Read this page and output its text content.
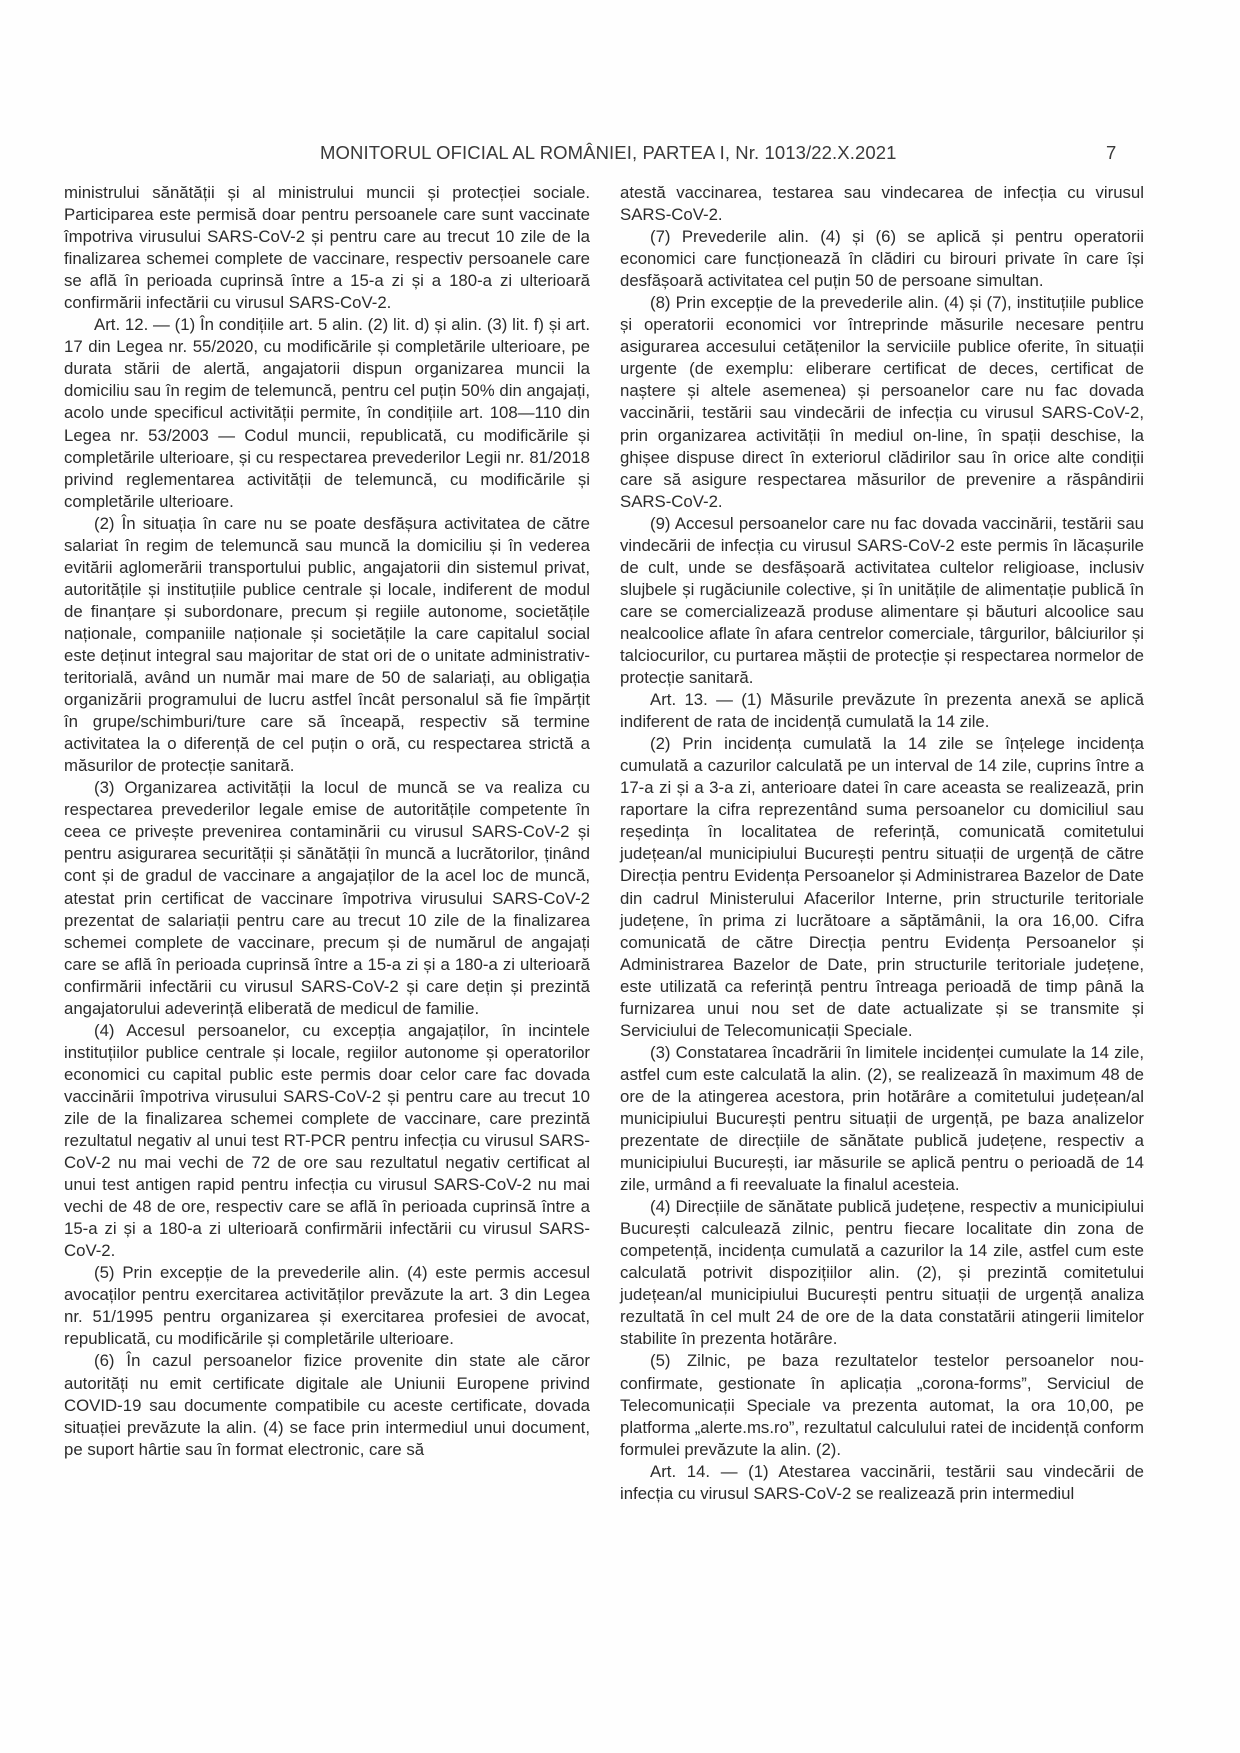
MONITORUL OFICIAL AL ROMÂNIEI, PARTEA I, Nr. 1013/22.X.2021	7

ministrului sănătății și al ministrului muncii și protecției sociale. Participarea este permisă doar pentru persoanele care sunt vaccinate împotriva virusului SARS-CoV-2 și pentru care au trecut 10 zile de la finalizarea schemei complete de vaccinare, respectiv persoanele care se află în perioada cuprinsă între a 15-a zi și a 180-a zi ulterioară confirmării infectării cu virusul SARS-CoV-2.

Art. 12. — (1) În condițiile art. 5 alin. (2) lit. d) și alin. (3) lit. f) și art. 17 din Legea nr. 55/2020, cu modificările și completările ulterioare, pe durata stării de alertă, angajatorii dispun organizarea muncii la domiciliu sau în regim de telemuncă, pentru cel puțin 50% din angajați, acolo unde specificul activității permite, în condițiile art. 108—110 din Legea nr. 53/2003 — Codul muncii, republicată, cu modificările și completările ulterioare, și cu respectarea prevederilor Legii nr. 81/2018 privind reglementarea activității de telemuncă, cu modificările și completările ulterioare.

(2) În situația în care nu se poate desfășura activitatea de către salariat în regim de telemuncă sau muncă la domiciliu și în vederea evitării aglomerării transportului public, angajatorii din sistemul privat, autoritățile și instituțiile publice centrale și locale, indiferent de modul de finanțare și subordonare, precum și regiile autonome, societățile naționale, companiile naționale și societățile la care capitalul social este deținut integral sau majoritar de stat ori de o unitate administrativ-teritorială, având un număr mai mare de 50 de salariați, au obligația organizării programului de lucru astfel încât personalul să fie împărțit în grupe/schimburi/ture care să înceapă, respectiv să termine activitatea la o diferență de cel puțin o oră, cu respectarea strictă a măsurilor de protecție sanitară.

(3) Organizarea activității la locul de muncă se va realiza cu respectarea prevederilor legale emise de autoritățile competente în ceea ce privește prevenirea contaminării cu virusul SARS-CoV-2 și pentru asigurarea securității și sănătății în muncă a lucrătorilor, ținând cont și de gradul de vaccinare a angajaților de la acel loc de muncă, atestat prin certificat de vaccinare împotriva virusului SARS-CoV-2 prezentat de salariații pentru care au trecut 10 zile de la finalizarea schemei complete de vaccinare, precum și de numărul de angajați care se află în perioada cuprinsă între a 15-a zi și a 180-a zi ulterioară confirmării infectării cu virusul SARS-CoV-2 și care dețin și prezintă angajatorului adeverință eliberată de medicul de familie.

(4) Accesul persoanelor, cu excepția angajaților, în incintele instituțiilor publice centrale și locale, regiilor autonome și operatorilor economici cu capital public este permis doar celor care fac dovada vaccinării împotriva virusului SARS-CoV-2 și pentru care au trecut 10 zile de la finalizarea schemei complete de vaccinare, care prezintă rezultatul negativ al unui test RT-PCR pentru infecția cu virusul SARS-CoV-2 nu mai vechi de 72 de ore sau rezultatul negativ certificat al unui test antigen rapid pentru infecția cu virusul SARS-CoV-2 nu mai vechi de 48 de ore, respectiv care se află în perioada cuprinsă între a 15-a zi și a 180-a zi ulterioară confirmării infectării cu virusul SARS-CoV-2.

(5) Prin excepție de la prevederile alin. (4) este permis accesul avocaților pentru exercitarea activităților prevăzute la art. 3 din Legea nr. 51/1995 pentru organizarea și exercitarea profesiei de avocat, republicată, cu modificările și completările ulterioare.

(6) În cazul persoanelor fizice provenite din state ale căror autorități nu emit certificate digitale ale Uniunii Europene privind COVID-19 sau documente compatibile cu aceste certificate, dovada situației prevăzute la alin. (4) se face prin intermediul unui document, pe suport hârtie sau în format electronic, care să

atestă vaccinarea, testarea sau vindecarea de infecția cu virusul SARS-CoV-2.

(7) Prevederile alin. (4) și (6) se aplică și pentru operatorii economici care funcționează în clădiri cu birouri private în care își desfășoară activitatea cel puțin 50 de persoane simultan.

(8) Prin excepție de la prevederile alin. (4) și (7), instituțiile publice și operatorii economici vor întreprinde măsurile necesare pentru asigurarea accesului cetățenilor la serviciile publice oferite, în situații urgente (de exemplu: eliberare certificat de deces, certificat de naștere și altele asemenea) și persoanelor care nu fac dovada vaccinării, testării sau vindecării de infecția cu virusul SARS-CoV-2, prin organizarea activității în mediul on-line, în spații deschise, la ghișee dispuse direct în exteriorul clădirilor sau în orice alte condiții care să asigure respectarea măsurilor de prevenire a răspândirii SARS-CoV-2.

(9) Accesul persoanelor care nu fac dovada vaccinării, testării sau vindecării de infecția cu virusul SARS-CoV-2 este permis în lăcașurile de cult, unde se desfășoară activitatea cultelor religioase, inclusiv slujbele și rugăciunile colective, și în unitățile de alimentație publică în care se comercializează produse alimentare și băuturi alcoolice sau nealcoolice aflate în afara centrelor comerciale, târgurilor, bâlciurilor și talciocurilor, cu purtarea măștii de protecție și respectarea normelor de protecție sanitară.

Art. 13. — (1) Măsurile prevăzute în prezenta anexă se aplică indiferent de rata de incidență cumulată la 14 zile.

(2) Prin incidența cumulată la 14 zile se înțelege incidența cumulată a cazurilor calculată pe un interval de 14 zile, cuprins între a 17-a zi și a 3-a zi, anterioare datei în care aceasta se realizează, prin raportare la cifra reprezentând suma persoanelor cu domiciliul sau reședința în localitatea de referință, comunicată comitetului județean/al municipiului București pentru situații de urgență de către Direcția pentru Evidența Persoanelor și Administrarea Bazelor de Date din cadrul Ministerului Afacerilor Interne, prin structurile teritoriale județene, în prima zi lucrătoare a săptămânii, la ora 16,00. Cifra comunicată de către Direcția pentru Evidența Persoanelor și Administrarea Bazelor de Date, prin structurile teritoriale județene, este utilizată ca referință pentru întreaga perioadă de timp până la furnizarea unui nou set de date actualizate și se transmite și Serviciului de Telecomunicații Speciale.

(3) Constatarea încadrării în limitele incidenței cumulate la 14 zile, astfel cum este calculată la alin. (2), se realizează în maximum 48 de ore de la atingerea acestora, prin hotărâre a comitetului județean/al municipiului București pentru situații de urgență, pe baza analizelor prezentate de direcțiile de sănătate publică județene, respectiv a municipiului București, iar măsurile se aplică pentru o perioadă de 14 zile, urmând a fi reevaluate la finalul acesteia.

(4) Direcțiile de sănătate publică județene, respectiv a municipiului București calculează zilnic, pentru fiecare localitate din zona de competență, incidența cumulată a cazurilor la 14 zile, astfel cum este calculată potrivit dispozițiilor alin. (2), și prezintă comitetului județean/al municipiului București pentru situații de urgență analiza rezultată în cel mult 24 de ore de la data constatării atingerii limitelor stabilite în prezenta hotărâre.

(5) Zilnic, pe baza rezultatelor testelor persoanelor nou-confirmate, gestionate în aplicația „corona-forms”, Serviciul de Telecomunicații Speciale va prezenta automat, la ora 10,00, pe platforma „alerte.ms.ro”, rezultatul calculului ratei de incidență conform formulei prevăzute la alin. (2).

Art. 14. — (1) Atestarea vaccinării, testării sau vindecării de infecția cu virusul SARS-CoV-2 se realizează prin intermediul
